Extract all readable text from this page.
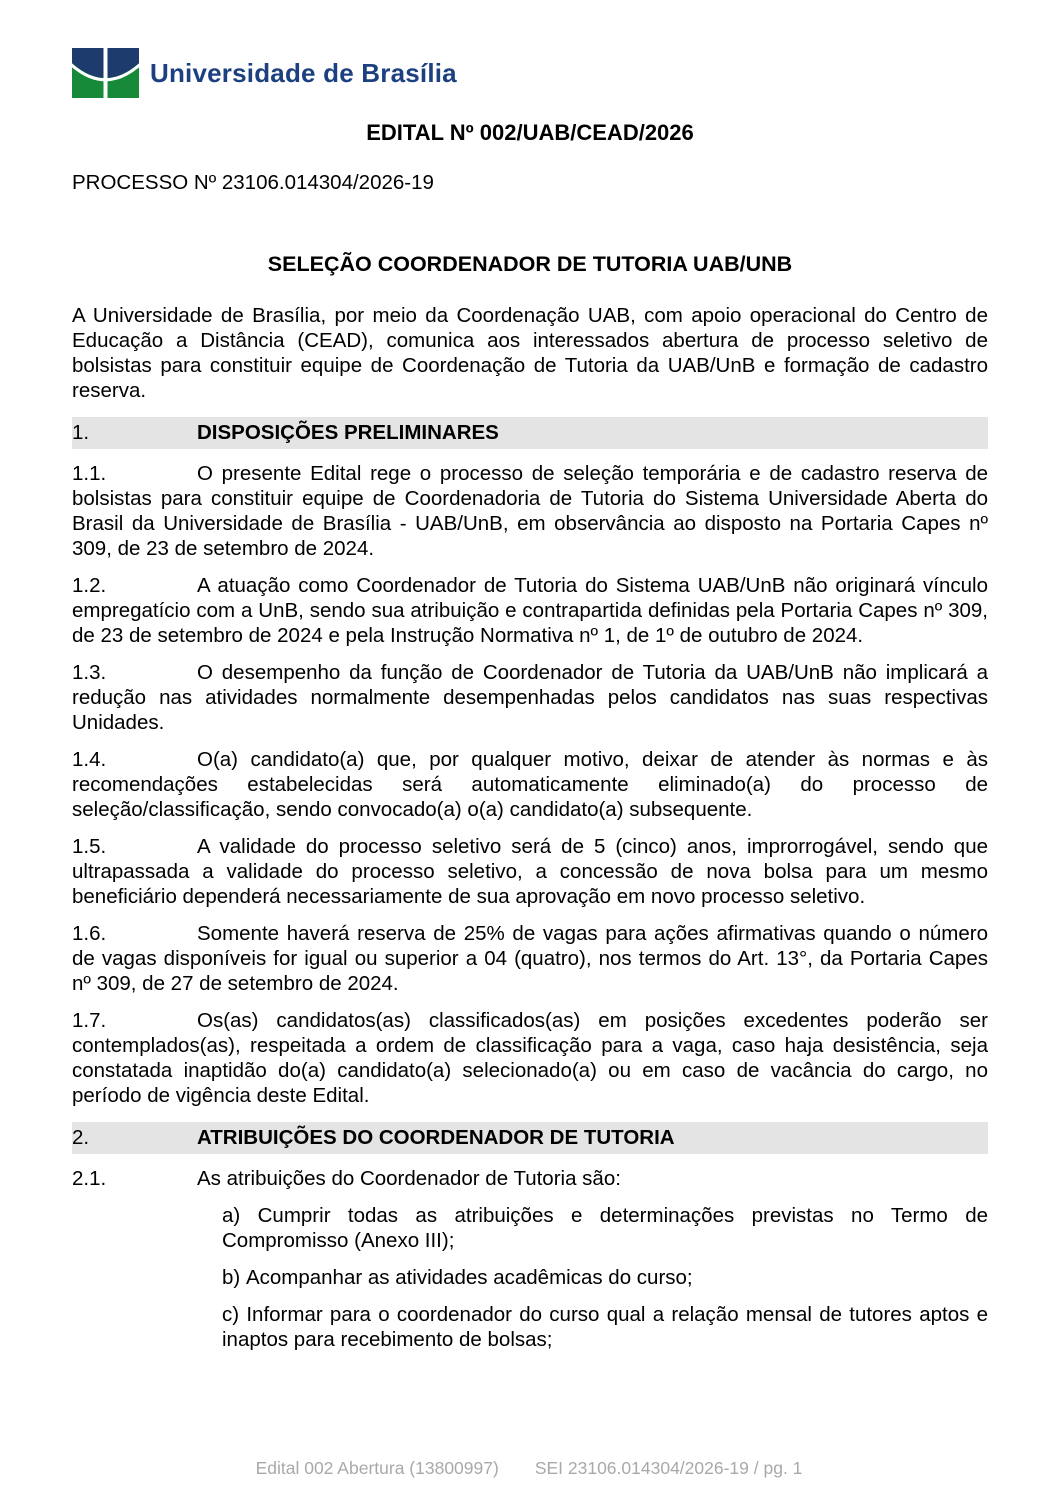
Universidade de Brasília
EDITAL Nº 002/UAB/CEAD/2026
PROCESSO Nº 23106.014304/2026-19
SELEÇÃO COORDENADOR DE TUTORIA UAB/UNB

A Universidade de Brasília, por meio da Coordenação UAB, com apoio operacional do Centro de Educação a Distância (CEAD), comunica aos interessados abertura de processo seletivo de bolsistas para constituir equipe de Coordenação de Tutoria da UAB/UnB e formação de cadastro reserva.

1.	DISPOSIÇÕES PRELIMINARES

1.1.	O presente Edital rege o processo de seleção temporária e de cadastro reserva de bolsistas para constituir equipe de Coordenadoria de Tutoria do Sistema Universidade Aberta do Brasil da Universidade de Brasília - UAB/UnB, em observância ao disposto na Portaria Capes nº 309, de 23 de setembro de 2024.

1.2.	A atuação como Coordenador de Tutoria do Sistema UAB/UnB não originará vínculo empregatício com a UnB, sendo sua atribuição e contrapartida definidas pela Portaria Capes nº 309, de 23 de setembro de 2024 e pela Instrução Normativa nº 1, de 1º de outubro de 2024.

1.3.	O desempenho da função de Coordenador de Tutoria da UAB/UnB não implicará a redução nas atividades normalmente desempenhadas pelos candidatos nas suas respectivas Unidades.

1.4.	O(a) candidato(a) que, por qualquer motivo, deixar de atender às normas e às recomendações estabelecidas será automaticamente eliminado(a) do processo de seleção/classificação, sendo convocado(a) o(a) candidato(a) subsequente.

1.5.	A validade do processo seletivo será de 5 (cinco) anos, improrrogável, sendo que ultrapassada a validade do processo seletivo, a concessão de nova bolsa para um mesmo beneficiário dependerá necessariamente de sua aprovação em novo processo seletivo.

1.6.	Somente haverá reserva de 25% de vagas para ações afirmativas quando o número de vagas disponíveis for igual ou superior a 04 (quatro), nos termos do Art. 13°, da Portaria Capes nº 309, de 27 de setembro de 2024.

1.7.	Os(as) candidatos(as) classificados(as) em posições excedentes poderão ser contemplados(as), respeitada a ordem de classificação para a vaga, caso haja desistência, seja constatada inaptidão do(a) candidato(a) selecionado(a) ou em caso de vacância do cargo, no período de vigência deste Edital.

2.	ATRIBUIÇÕES DO COORDENADOR DE TUTORIA

2.1.	As atribuições do Coordenador de Tutoria são:

a) Cumprir todas as atribuições e determinações previstas no Termo de Compromisso (Anexo III);

b) Acompanhar as atividades acadêmicas do curso;

c) Informar para o coordenador do curso qual a relação mensal de tutores aptos e inaptos para recebimento de bolsas;

Edital 002 Abertura (13800997) SEI 23106.014304/2026-19 / pg. 1
